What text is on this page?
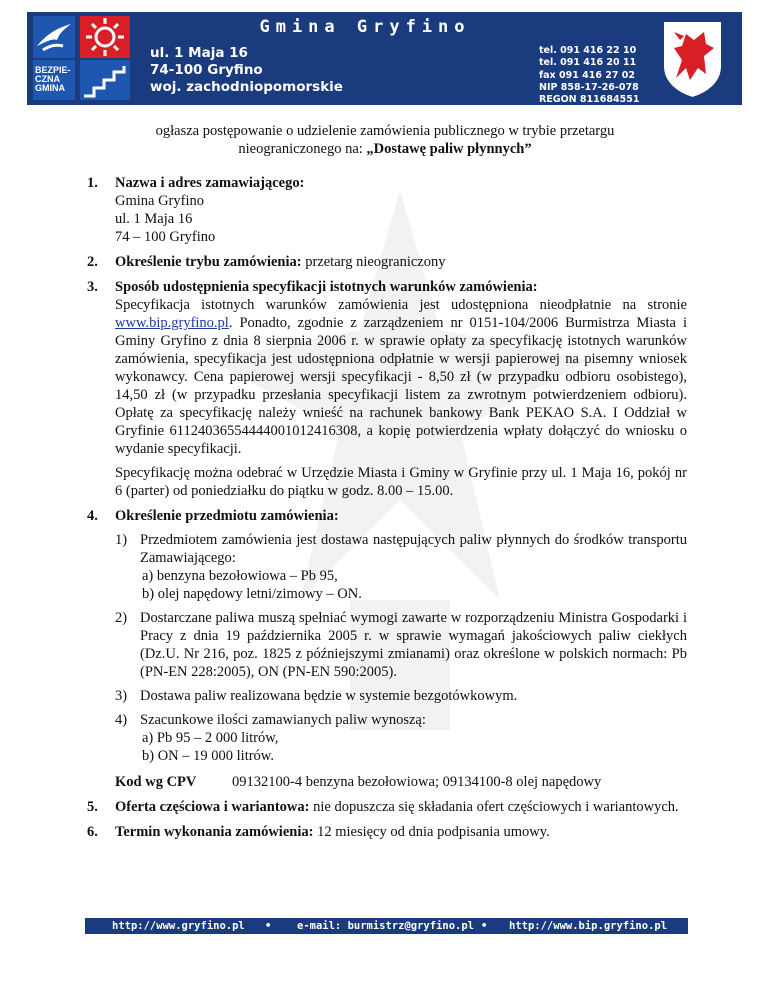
BEZPIE-
CZNA
GMINA
Gmina Gryfino
ul. 1 Maja 16
74-100 Gryfino
woj. zachodniopomorskie
tel. 091 416 22 10
tel. 091 416 20 11
fax 091 416 27 02
NIP 858-17-26-078
REGON 811684551
ogłasza postępowanie o udzielenie zamówienia publicznego w trybie przetargu
nieograniczonego na: „Dostawę paliw płynnych”
1. Nazwa i adres zamawiającego:
Gmina Gryfino
ul. 1 Maja 16
74 – 100 Gryfino
2. Określenie trybu zamówienia: przetarg nieograniczony

3. Sposób udostępnienia specyfikacji istotnych warunków zamówienia:

Specyfikacja istotnych warunków zamówienia jest udostępniona nieodpłatnie na stronie www.bip.gryfino.pl. Ponadto, zgodnie z zarządzeniem nr 0151-104/2006 Burmistrza Miasta i Gminy Gryfino z dnia 8 sierpnia 2006 r. w sprawie opłaty za specyfikację istotnych warunków zamówienia, specyfikacja jest udostępniona odpłatnie w wersji papierowej na pisemny wniosek wykonawcy. Cena papierowej wersji specyfikacji - 8,50 zł (w przypadku odbioru osobistego), 14,50 zł (w przypadku przesłania specyfikacji listem za zwrotnym potwierdzeniem odbioru). Opłatę za specyfikację należy wnieść na rachunek bankowy Bank PEKAO S.A. I Oddział w Gryfinie 61124036554444001012416308, a kopię potwierdzenia wpłaty dołączyć do wniosku o wydanie specyfikacji.

Specyfikację można odebrać w Urzędzie Miasta i Gminy w Gryfinie przy ul. 1 Maja 16, pokój nr 6 (parter) od poniedziałku do piątku w godz. 8.00 – 15.00.

4. Określenie przedmiotu zamówienia:
1) Przedmiotem zamówienia jest dostawa następujących paliw płynnych do środków transportu Zamawiającego:

a) benzyna bezołowiowa – Pb 95,
b) olej napędowy letni/zimowy – ON.
2) Dostarczane paliwa muszą spełniać wymogi zawarte w rozporządzeniu Ministra Gospodarki i Pracy z dnia 19 października 2005 r. w sprawie wymagań jakościowych paliw ciekłych (Dz.U. Nr 216, poz. 1825 z późniejszymi zmianami) oraz określone w polskich normach: Pb (PN-EN 228:2005), ON (PN-EN 590:2005).

3) Dostawa paliw realizowana będzie w systemie bezgotówkowym.

4) Szacunkowe ilości zamawianych paliw wynoszą:

a) Pb 95 – 2 000 litrów,
b) ON – 19 000 litrów.
Kod wg CPV 09132100-4 benzyna bezołowiowa; 09134100-8 olej napędowy
5. Oferta częściowa i wariantowa: nie dopuszcza się składania ofert częściowych i wariantowych.

6. Termin wykonania zamówienia: 12 miesięcy od dnia podpisania umowy.

http://www.gryfino.pl • e-mail: burmistrz@gryfino.pl • http://www.bip.gryfino.pl
